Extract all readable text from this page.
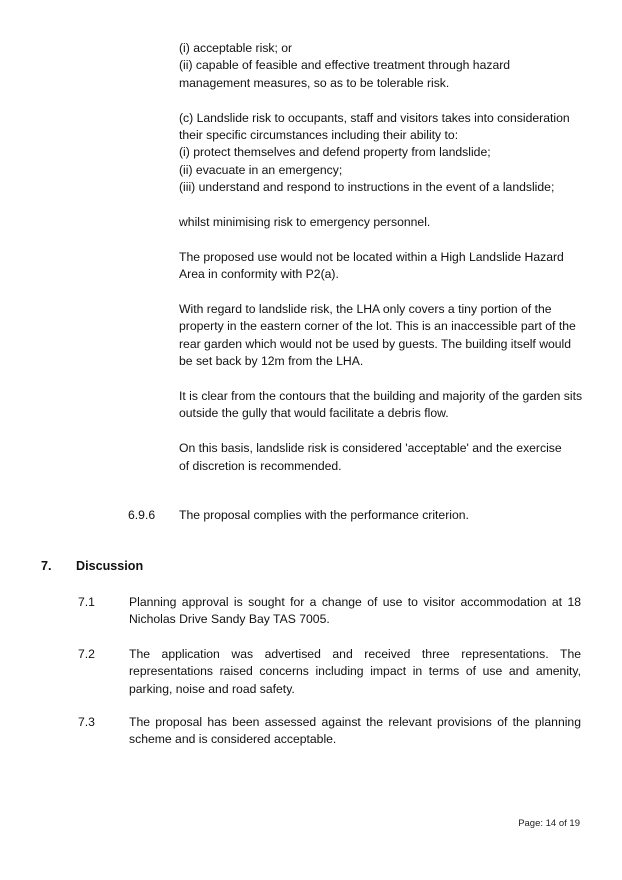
(i) acceptable risk; or
(ii) capable of feasible and effective treatment through hazard
management measures, so as to be tolerable risk.

(c) Landslide risk to occupants, staff and visitors takes into consideration
their specific circumstances including their ability to:
(i) protect themselves and defend property from landslide;
(ii) evacuate in an emergency;
(iii) understand and respond to instructions in the event of a landslide;

whilst minimising risk to emergency personnel.

The proposed use would not be located within a High Landslide Hazard
Area in conformity with P2(a).

With regard to landslide risk, the LHA only covers a tiny portion of the
property in the eastern corner of the lot. This is an inaccessible part of the
rear garden which would not be used by guests. The building itself would
be set back by 12m from the LHA.

It is clear from the contours that the building and majority of the garden sits
outside the gully that would facilitate a debris flow.

On this basis, landslide risk is considered 'acceptable' and the exercise
of discretion is recommended.

6.9.6 The proposal complies with the performance criterion.
7. Discussion
7.1	Planning approval is sought for a change of use to visitor accommodation at 18 Nicholas Drive Sandy Bay TAS 7005.
7.2	The application was advertised and received three representations. The representations raised concerns including impact in terms of use and amenity, parking, noise and road safety.
7.3	The proposal has been assessed against the relevant provisions of the planning scheme and is considered acceptable.
Page: 14 of 19
